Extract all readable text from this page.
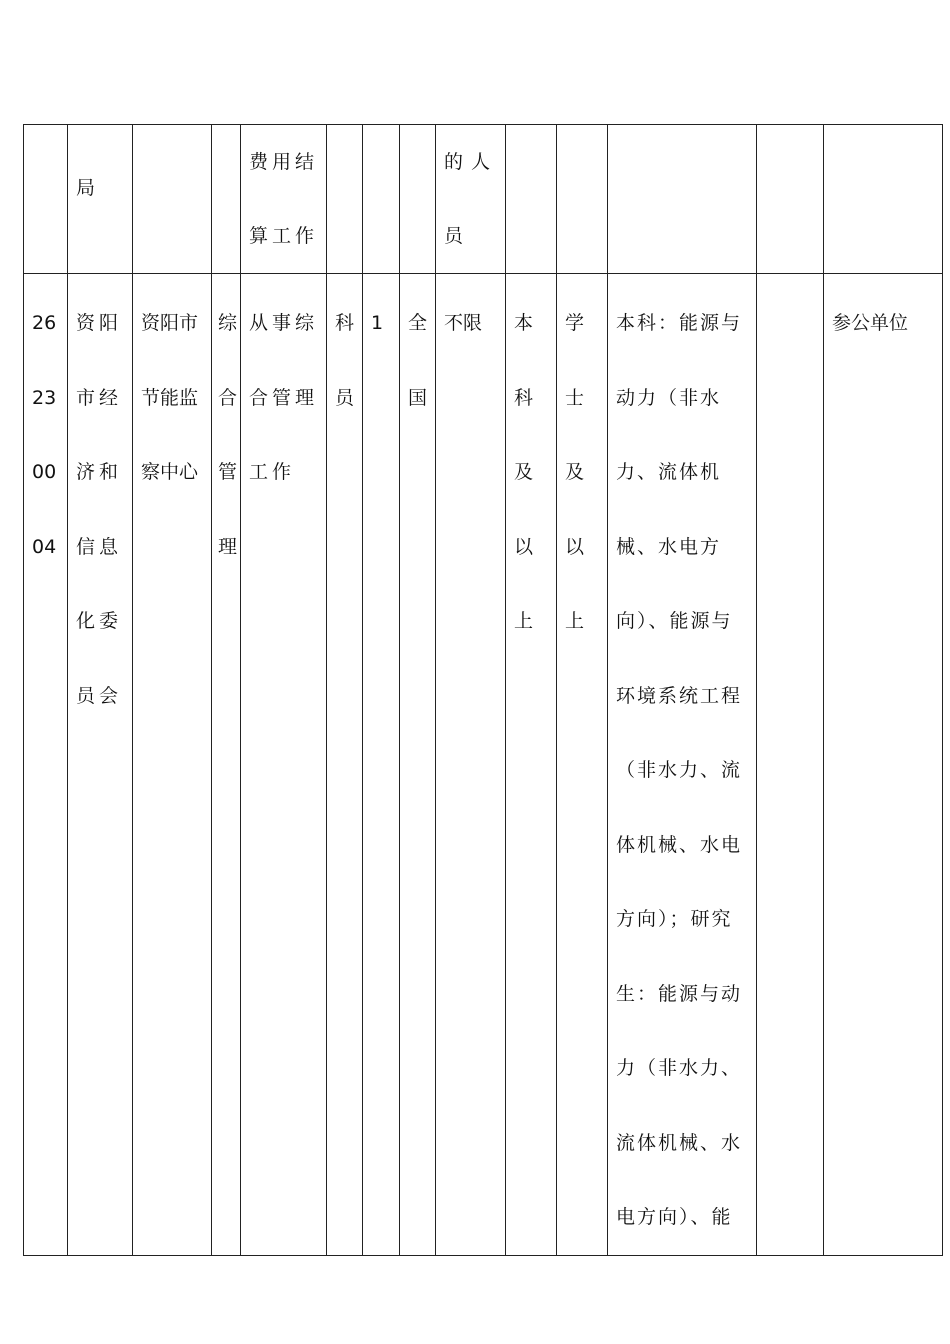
	局			费用结算工作				的人员					

26230004	资阳市经济和信息化委员会	资阳市节能监察中心	综合管理	从事综合管理工作	科员	1	全国	不限	本科及以上	学士及以上	本科：能源与动力（非水力、流体机械、水电方向）、能源与环境系统工程（非水力、流体机械、水电方向）；研究生：能源与动力（非水力、流体机械、水电方向）、能		参公单位
